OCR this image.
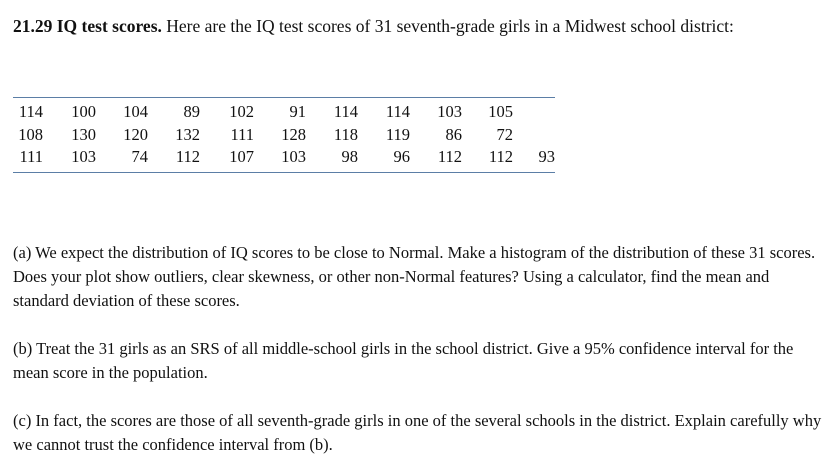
21.29 IQ test scores. Here are the IQ test scores of 31 seventh-grade girls in a Midwest school district:
114	100	104	89	102	91	114	114	103	105
108	130	120	132	111	128	118	119	86	72
111	103	74	112	107	103	98	96	112	112	93
(a) We expect the distribution of IQ scores to be close to Normal. Make a histogram of the distribution of these 31 scores. Does your plot show outliers, clear skewness, or other non-Normal features? Using a calculator, find the mean and standard deviation of these scores.
(b) Treat the 31 girls as an SRS of all middle-school girls in the school district. Give a 95% confidence interval for the mean score in the population.
(c) In fact, the scores are those of all seventh-grade girls in one of the several schools in the district. Explain carefully why we cannot trust the confidence interval from (b).
